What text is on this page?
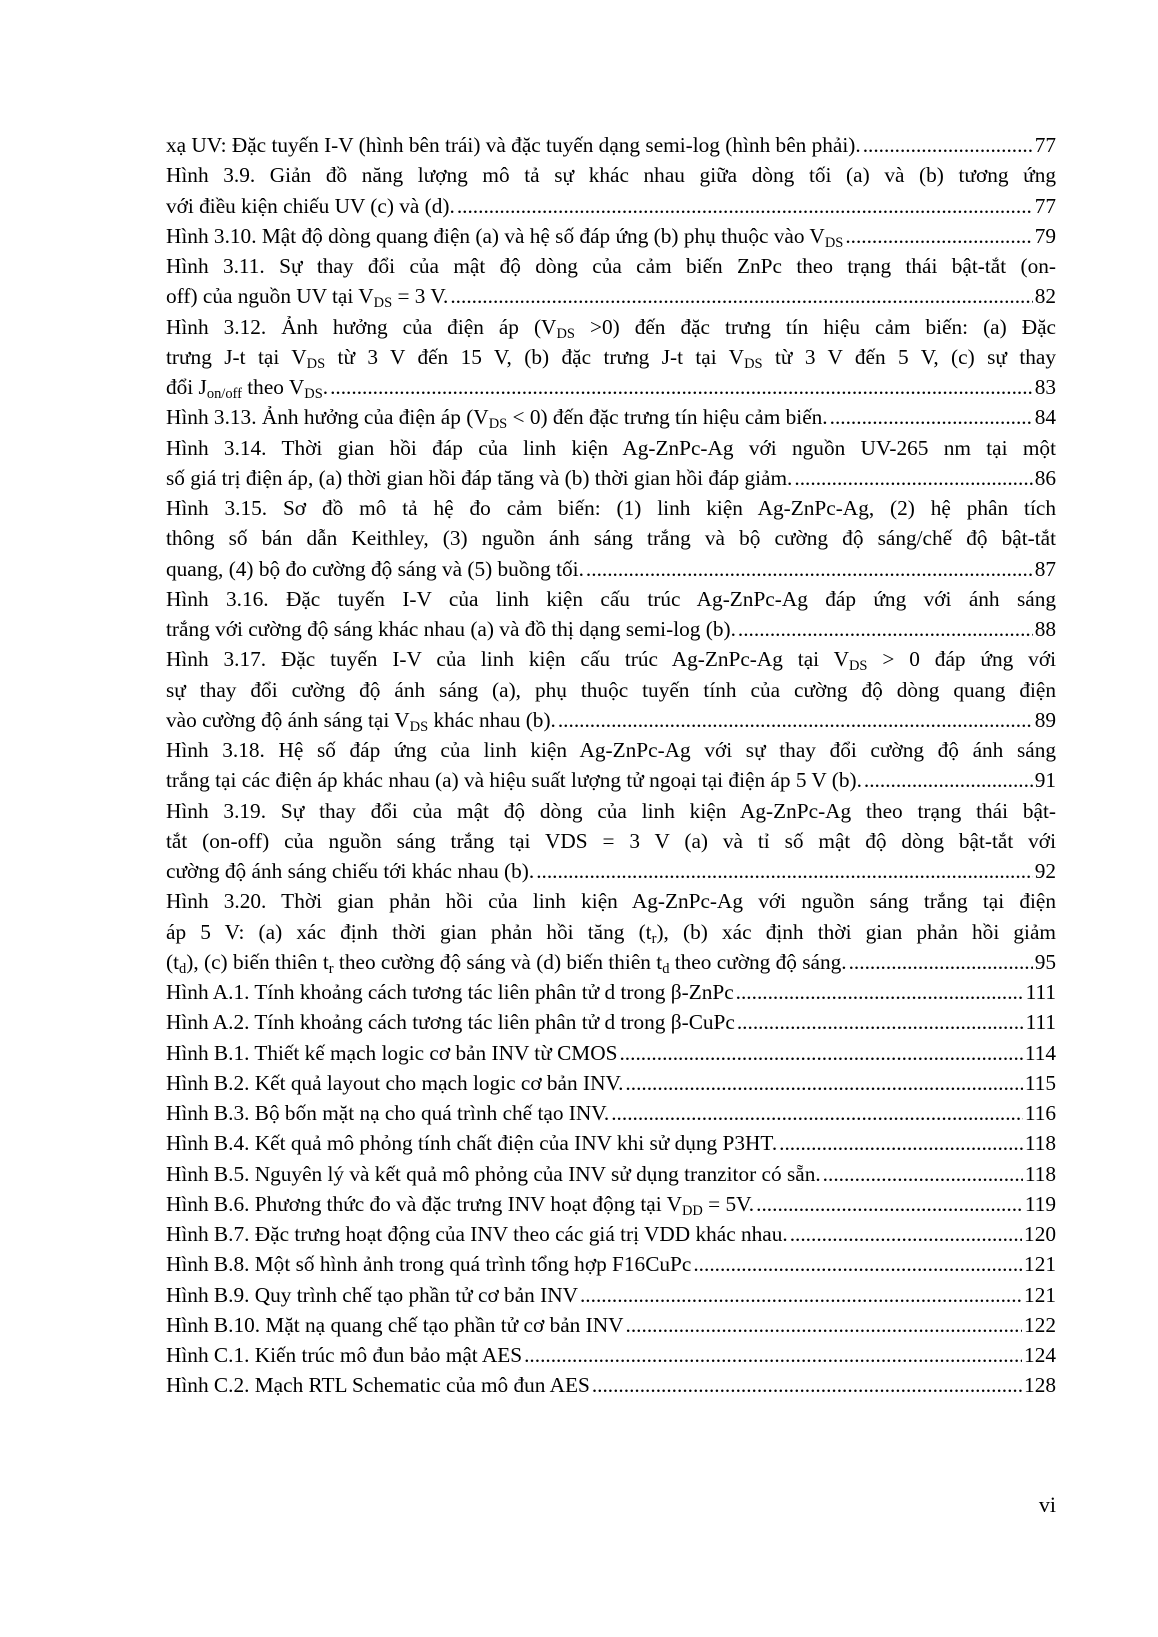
xạ UV: Đặc tuyến I-V (hình bên trái) và đặc tuyến dạng semi-log (hình bên phải). .....	77
Hình 3.9. Giản đồ năng lượng mô tả sự khác nhau giữa dòng tối (a) và (b) tương ứng
với điều kiện chiếu UV (c) và (d). .....	77
Hình 3.10. Mật độ dòng quang điện (a) và hệ số đáp ứng (b) phụ thuộc vào $V_{DS}$ .....	79
Hình 3.11. Sự thay đổi của mật độ dòng của cảm biến ZnPc theo trạng thái bật-tắt (on-
off) của nguồn UV tại $V_{DS} = 3$ V. .....	82
Hình 3.12. Ảnh hưởng của điện áp $(V_{DS} >0)$ đến đặc trưng tín hiệu cảm biến: (a) Đặc
trưng J-t tại $V_{DS}$ từ 3 V đến 15 V, (b) đặc trưng J-t tại $V_{DS}$ từ 3 V đến 5 V, (c) sự thay
đổi $J_{on/off}$ theo $V_{DS}$. .....	83
Hình 3.13. Ảnh hưởng của điện áp $(V_{DS} < 0)$ đến đặc trưng tín hiệu cảm biến. .....	84
Hình 3.14. Thời gian hồi đáp của linh kiện Ag-ZnPc-Ag với nguồn UV-265 nm tại một
số giá trị điện áp, (a) thời gian hồi đáp tăng và (b) thời gian hồi đáp giảm. .....	86
Hình 3.15. Sơ đồ mô tả hệ đo cảm biến: (1) linh kiện Ag-ZnPc-Ag, (2) hệ phân tích
thông số bán dẫn Keithley, (3) nguồn ánh sáng trắng và bộ cường độ sáng/chế độ bật-tắt
quang, (4) bộ đo cường độ sáng và (5) buồng tối. .....	87
Hình 3.16. Đặc tuyến I-V của linh kiện cấu trúc Ag-ZnPc-Ag đáp ứng với ánh sáng
trắng với cường độ sáng khác nhau (a) và đồ thị dạng semi-log (b). .....	88
Hình 3.17. Đặc tuyến I-V của linh kiện cấu trúc Ag-ZnPc-Ag tại $V_{DS} > 0$ đáp ứng với
sự thay đổi cường độ ánh sáng (a), phụ thuộc tuyến tính của cường độ dòng quang điện
vào cường độ ánh sáng tại $V_{DS}$ khác nhau (b). .....	89
Hình 3.18. Hệ số đáp ứng của linh kiện Ag-ZnPc-Ag với sự thay đổi cường độ ánh sáng
trắng tại các điện áp khác nhau (a) và hiệu suất lượng tử ngoại tại điện áp 5 V (b). .....	91
Hình 3.19. Sự thay đổi của mật độ dòng của linh kiện Ag-ZnPc-Ag theo trạng thái bật-
tắt (on-off) của nguồn sáng trắng tại VDS = 3 V (a) và tỉ số mật độ dòng bật-tắt với
cường độ ánh sáng chiếu tới khác nhau (b). .....	92
Hình 3.20. Thời gian phản hồi của linh kiện Ag-ZnPc-Ag với nguồn sáng trắng tại điện
áp 5 V: (a) xác định thời gian phản hồi tăng $(t_r)$, (b) xác định thời gian phản hồi giảm
$(t_d)$, (c) biến thiên $t_r$ theo cường độ sáng và (d) biến thiên $t_d$ theo cường độ sáng. .....	95
Hình A.1. Tính khoảng cách tương tác liên phân tử d trong β-ZnPc .....	111
Hình A.2. Tính khoảng cách tương tác liên phân tử d trong β-CuPc .....	111
Hình B.1. Thiết kế mạch logic cơ bản INV từ CMOS .....	114
Hình B.2. Kết quả layout cho mạch logic cơ bản INV. .....	115
Hình B.3. Bộ bốn mặt nạ cho quá trình chế tạo INV. .....	116
Hình B.4. Kết quả mô phỏng tính chất điện của INV khi sử dụng P3HT. .....	118
Hình B.5. Nguyên lý và kết quả mô phỏng của INV sử dụng tranzitor có sẵn. .....	118
Hình B.6. Phương thức đo và đặc trưng INV hoạt động tại $V_{DD} = 5V$. .....	119
Hình B.7. Đặc trưng hoạt động của INV theo các giá trị VDD khác nhau. .....	120
Hình B.8. Một số hình ảnh trong quá trình tổng hợp F16CuPc .....	121
Hình B.9. Quy trình chế tạo phần tử cơ bản INV .....	121
Hình B.10. Mặt nạ quang chế tạo phần tử cơ bản INV .....	122
Hình C.1. Kiến trúc mô đun bảo mật AES .....	124
Hình C.2. Mạch RTL Schematic của mô đun AES .....	128
vi
